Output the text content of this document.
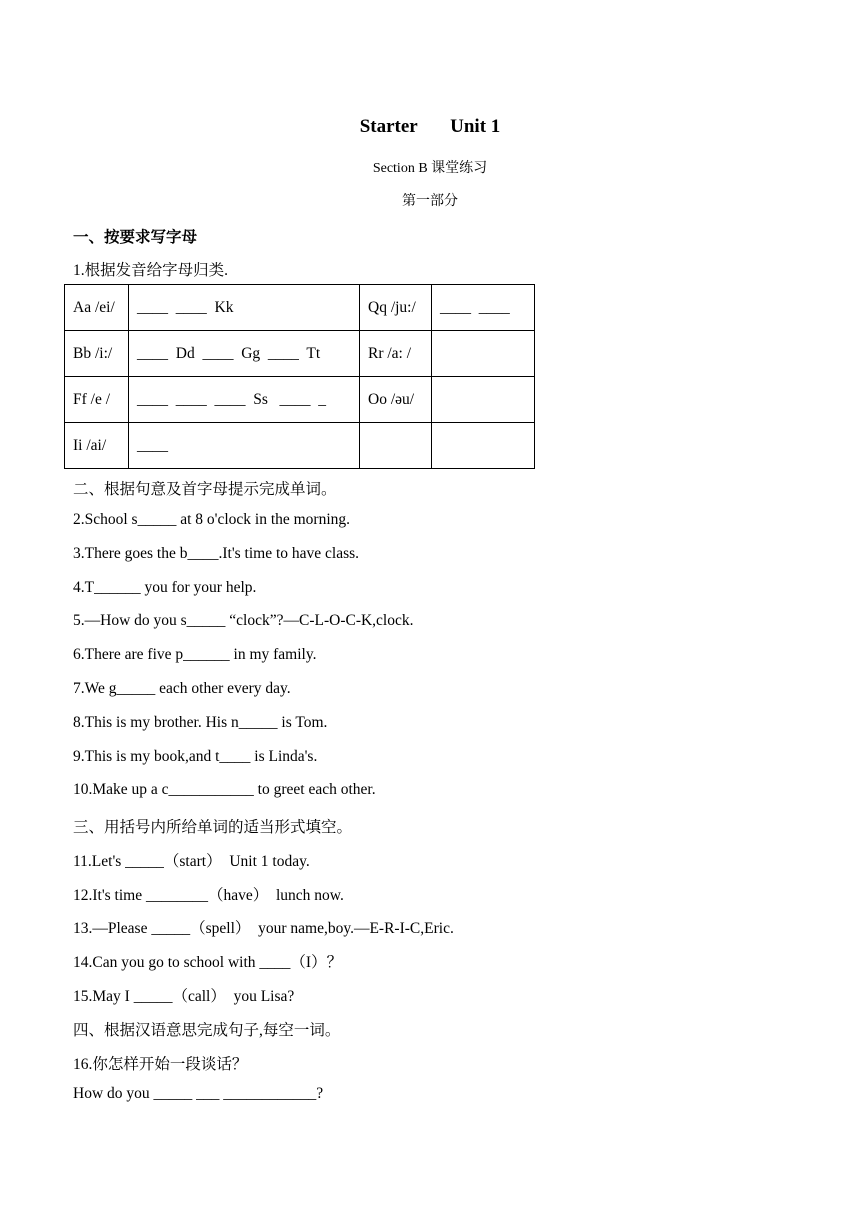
Starter Unit 1
Section B 课堂练习
第一部分
一、按要求写字母
1.根据发音给字母归类.
Aa /ei/	____  ____  Kk	Qq /ju:/	____  ____
Bb /i:/	____  Dd  ____  Gg  ____  Tt	Rr /a: /	
Ff /e /	____  ____  ____  Ss   ____  _	Oo /əu/	
Ii /ai/	____		
二、根据句意及首字母提示完成单词。
2.School s_____ at 8 o'clock in the morning.
3.There goes the b____.It's time to have class.
4.T______ you for your help.
5.—How do you s_____ “clock”?—C-L-O-C-K,clock.
6.There are five p______ in my family.
7.We g_____ each other every day.
8.This is my brother. His n_____ is Tom.
9.This is my book,and t____ is Linda's.
10.Make up a c___________ to greet each other.
三、用括号内所给单词的适当形式填空。
11.Let's _____（start）  Unit 1 today.
12.It's time ________（have）  lunch now.
13.—Please _____（spell）  your name,boy.—E-R-I-C,Eric.
14.Can you go to school with ____（I）？
15.May I _____（call）  you Lisa?
四、根据汉语意思完成句子,每空一词。
16.你怎样开始一段谈话？
How do you _____ ___ ____________?
